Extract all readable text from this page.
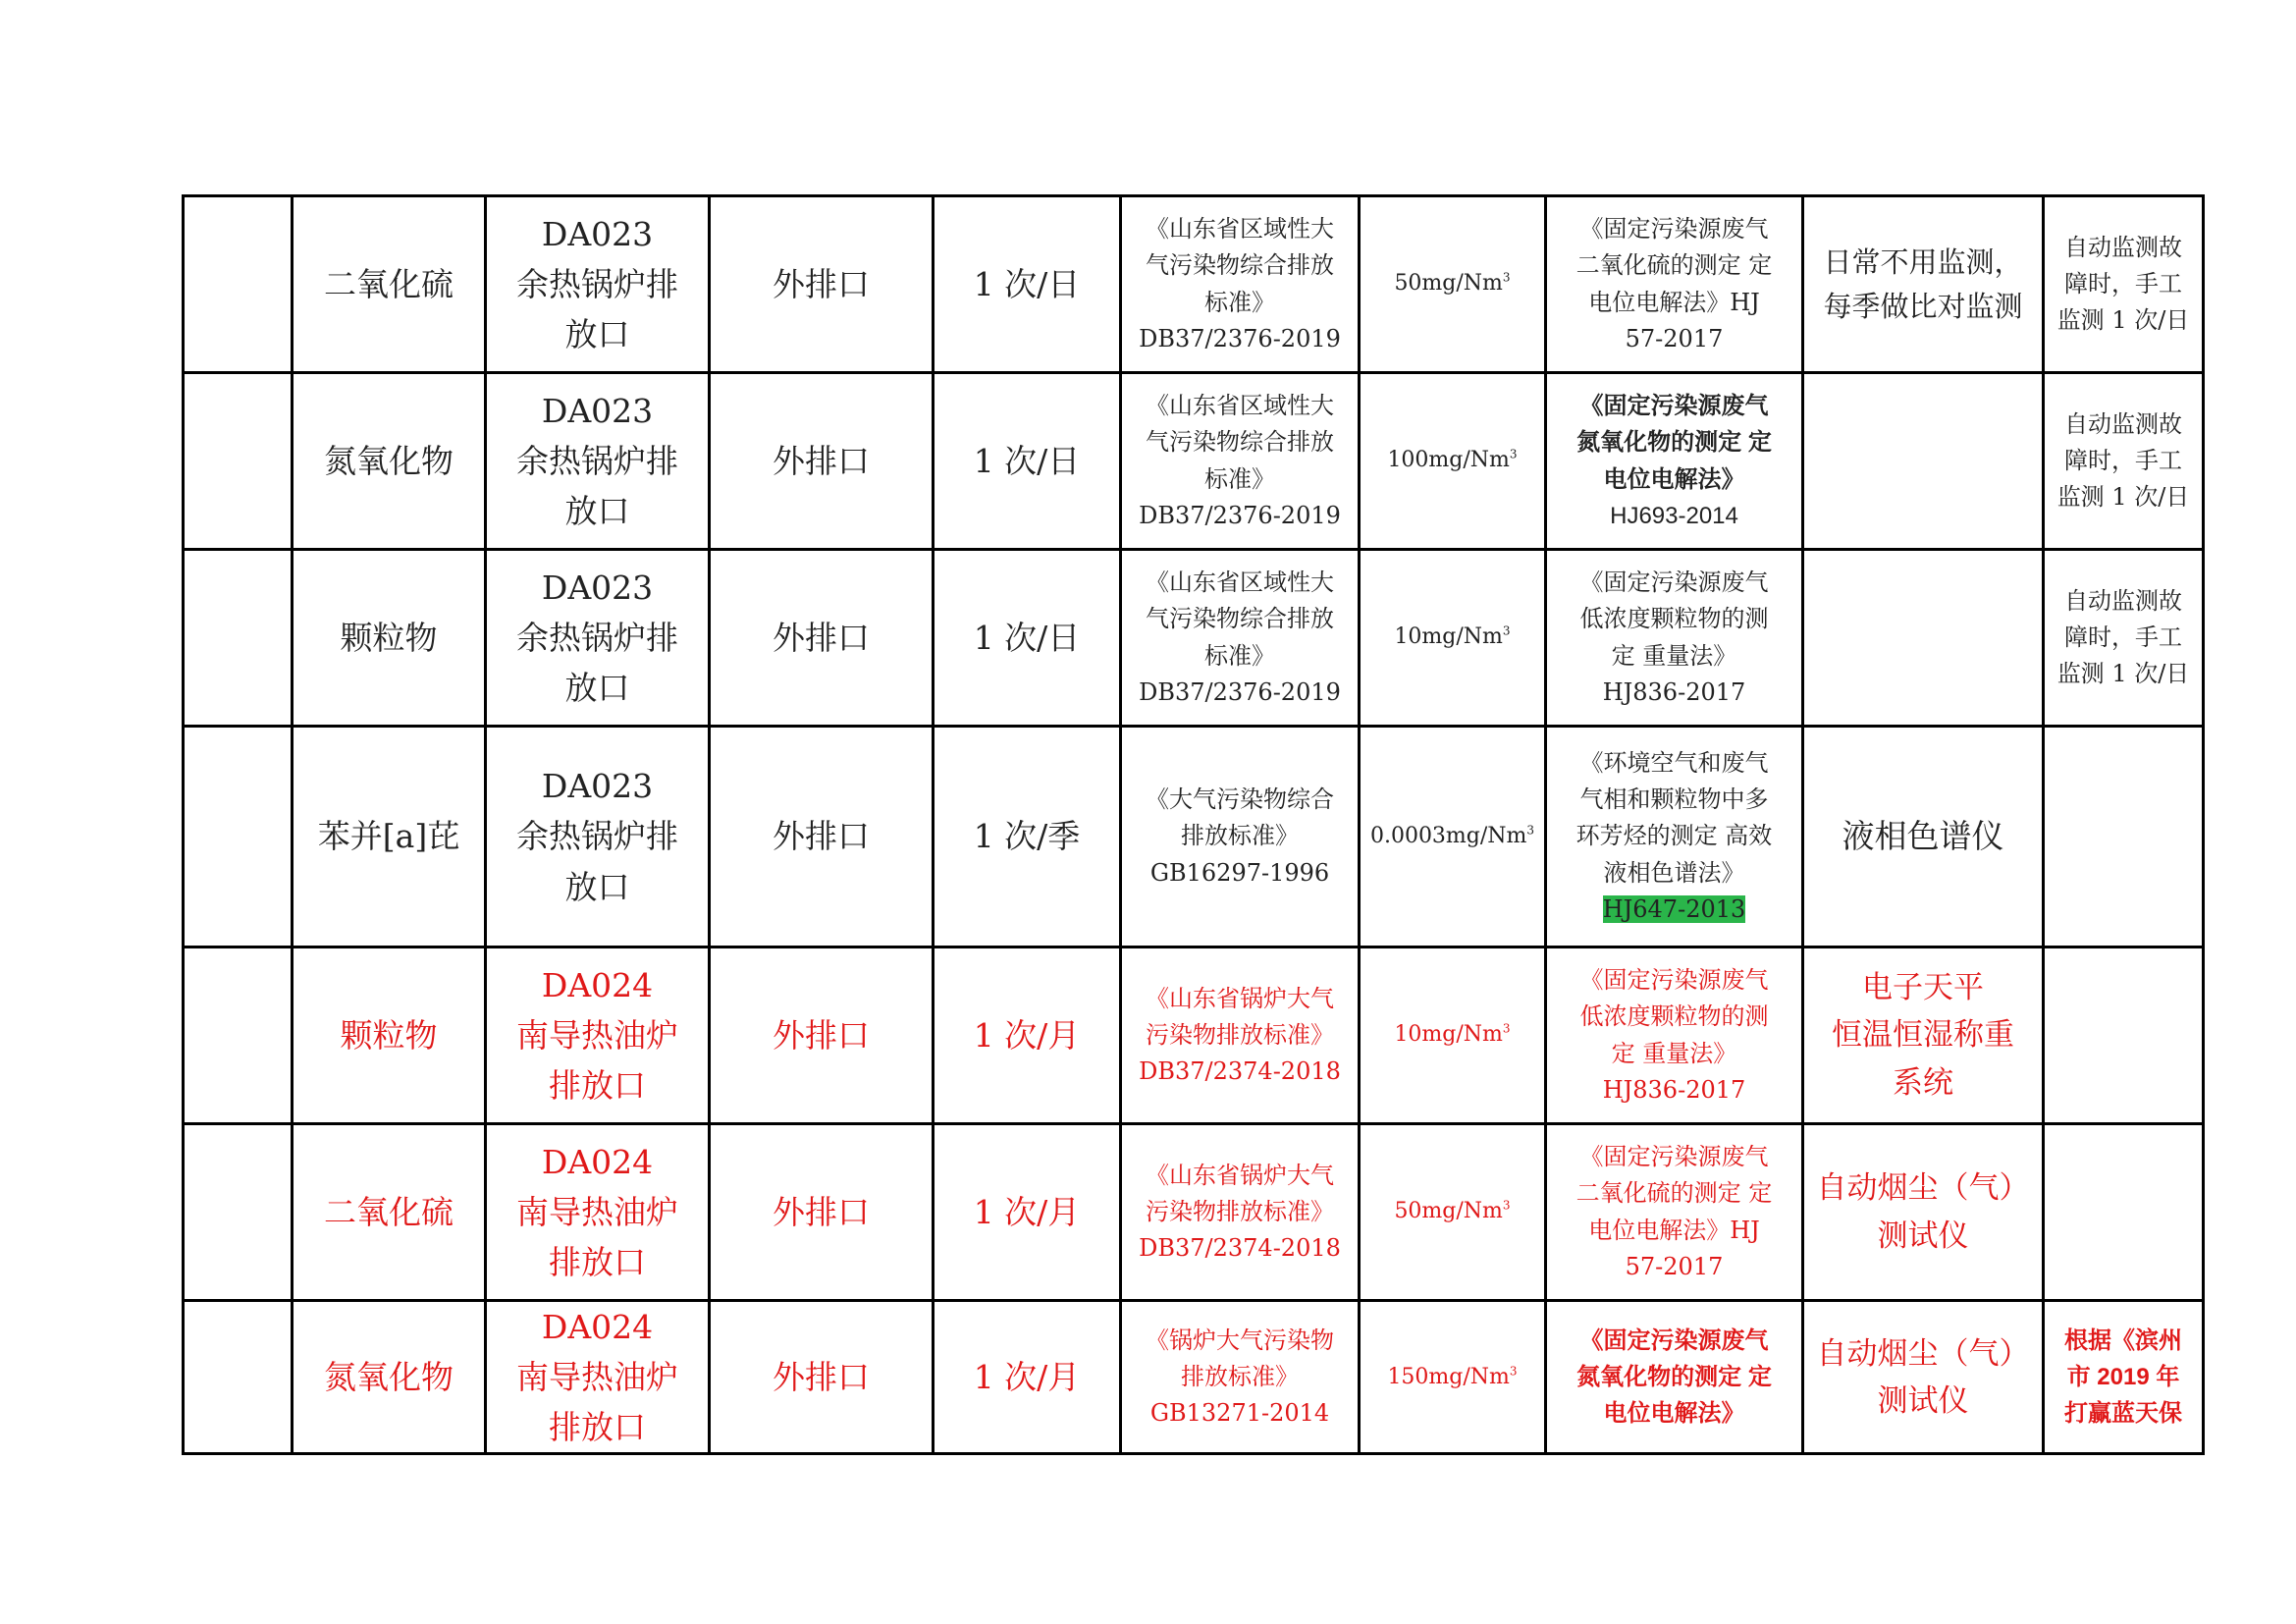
	二氧化硫	DA023
余热锅炉排
放口	外排口	1 次/日	《山东省区域性大
气污染物综合排放
标准》
DB37/2376-2019	50mg/Nm$^3$	《固定污染源废气
二氧化硫的测定 定
电位电解法》HJ
57-2017	日常不用监测，
每季做比对监测	自动监测故
障时，手工
监测 1 次/日

	氮氧化物	DA023
余热锅炉排
放口	外排口	1 次/日	《山东省区域性大
气污染物综合排放
标准》
DB37/2376-2019	100mg/Nm$^3$	《固定污染源废气
氮氧化物的测定 定
电位电解法》
HJ693-2014		自动监测故
障时，手工
监测 1 次/日

	颗粒物	DA023
余热锅炉排
放口	外排口	1 次/日	《山东省区域性大
气污染物综合排放
标准》
DB37/2376-2019	10mg/Nm$^3$	《固定污染源废气
低浓度颗粒物的测
定 重量法》
HJ836-2017		自动监测故
障时，手工
监测 1 次/日

	苯并[a]芘	DA023
余热锅炉排
放口	外排口	1 次/季	《大气污染物综合
排放标准》
GB16297-1996	0.0003mg/Nm$^3$	《环境空气和废气
气相和颗粒物中多
环芳烃的测定 高效
液相色谱法》
HJ647-2013	液相色谱仪	

	颗粒物	DA024
南导热油炉
排放口	外排口	1 次/月	《山东省锅炉大气
污染物排放标准》
DB37/2374-2018	10mg/Nm$^3$	《固定污染源废气
低浓度颗粒物的测
定 重量法》
HJ836-2017	电子天平
恒温恒湿称重
系统	

	二氧化硫	DA024
南导热油炉
排放口	外排口	1 次/月	《山东省锅炉大气
污染物排放标准》
DB37/2374-2018	50mg/Nm$^3$	《固定污染源废气
二氧化硫的测定 定
电位电解法》HJ
57-2017	自动烟尘（气）
测试仪	

	氮氧化物	DA024
南导热油炉
排放口	外排口	1 次/月	《锅炉大气污染物
排放标准》
GB13271-2014	150mg/Nm$^3$	《固定污染源废气
氮氧化物的测定 定
电位电解法》	自动烟尘（气）
测试仪	根据《滨州
市 2019 年
打赢蓝天保
